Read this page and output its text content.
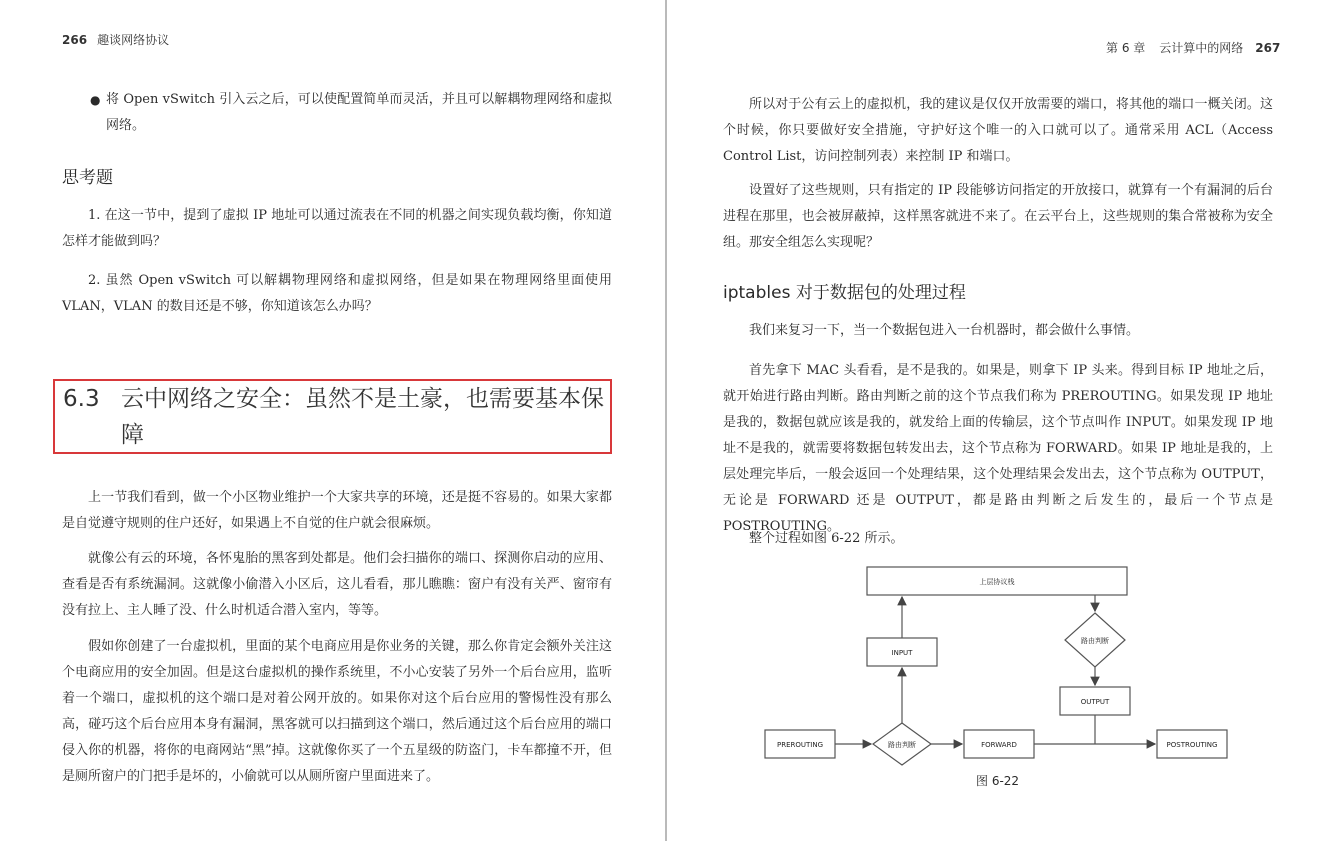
266 趣谈网络协议

● 将 Open vSwitch 引入云之后，可以使配置简单而灵活，并且可以解耦物理网络和虚拟网络。

思考题

1. 在这一节中，提到了虚拟 IP 地址可以通过流表在不同的机器之间实现负载均衡，你知道怎样才能做到吗？

2. 虽然 Open vSwitch 可以解耦物理网络和虚拟网络，但是如果在物理网络里面使用 VLAN，VLAN 的数目还是不够，你知道该怎么办吗？

6.3 云中网络之安全：虽然不是土豪，也需要基本保障

上一节我们看到，做一个小区物业维护一个大家共享的环境，还是挺不容易的。如果大家都是自觉遵守规则的住户还好，如果遇上不自觉的住户就会很麻烦。

就像公有云的环境，各怀鬼胎的黑客到处都是。他们会扫描你的端口、探测你启动的应用、查看是否有系统漏洞。这就像小偷潜入小区后，这儿看看，那儿瞧瞧：窗户有没有关严、窗帘有没有拉上、主人睡了没、什么时机适合潜入室内，等等。

假如你创建了一台虚拟机，里面的某个电商应用是你业务的关键，那么你肯定会额外关注这个电商应用的安全加固。但是这台虚拟机的操作系统里，不小心安装了另外一个后台应用，监听着一个端口，虚拟机的这个端口是对着公网开放的。如果你对这个后台应用的警惕性没有那么高，碰巧这个后台应用本身有漏洞，黑客就可以扫描到这个端口，然后通过这个后台应用的端口侵入你的机器，将你的电商网站“黑”掉。这就像你买了一个五星级的防盗门，卡车都撞不开，但是厕所窗户的门把手是坏的，小偷就可以从厕所窗户里面进来了。

第 6 章 云计算中的网络 267

所以对于公有云上的虚拟机，我的建议是仅仅开放需要的端口，将其他的端口一概关闭。这个时候，你只要做好安全措施，守护好这个唯一的入口就可以了。通常采用 ACL（Access Control List，访问控制列表）来控制 IP 和端口。

设置好了这些规则，只有指定的 IP 段能够访问指定的开放接口，就算有一个有漏洞的后台进程在那里，也会被屏蔽掉，这样黑客就进不来了。在云平台上，这些规则的集合常被称为安全组。那安全组怎么实现呢？

iptables 对于数据包的处理过程

我们来复习一下，当一个数据包进入一台机器时，都会做什么事情。

首先拿下 MAC 头看看，是不是我的。如果是，则拿下 IP 头来。得到目标 IP 地址之后，就开始进行路由判断。路由判断之前的这个节点我们称为 PREROUTING。如果发现 IP 地址是我的，数据包就应该是我的，就发给上面的传输层，这个节点叫作 INPUT。如果发现 IP 地址不是我的，就需要将数据包转发出去，这个节点称为 FORWARD。如果 IP 地址是我的，上层处理完毕后，一般会返回一个处理结果，这个处理结果会发出去，这个节点称为 OUTPUT，无论是 FORWARD 还是 OUTPUT，都是路由判断之后发生的，最后一个节点是 POSTROUTING。

整个过程如图 6-22 所示。

上层协议栈
INPUT
路由判断
OUTPUT
PREROUTING	路由判断	FORWARD	POSTROUTING
图 6-22
